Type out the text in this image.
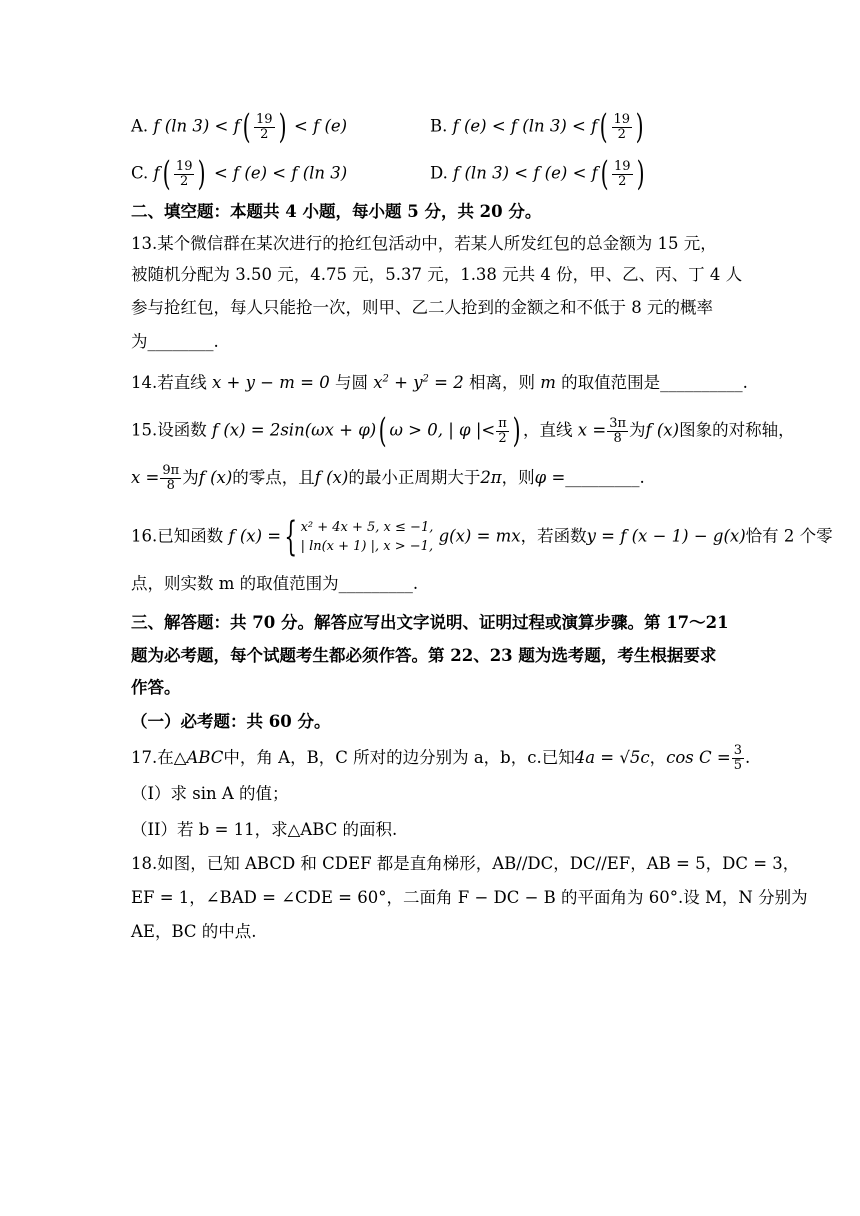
A. f (ln $3) < f( \frac{19}{2}$ ) < f (e)	B. f (e) < f (ln $3) < f( \frac{19}{2}$ )
C. $f( \frac{19}{2}$ ) < f (e) < f (ln 3)	D. f (ln 3) < f $(e) < f( \frac{19}{2}$ )
二、填空题：本题共 4 小题，每小题 5 分，共 20 分。
13.某个微信群在某次进行的抢红包活动中，若某人所发红包的总金额为 15 元，
被随机分配为 3.50 元，4.75 元，5.37 元，1.38 元共 4 份，甲、乙、丙、丁 4 人
参与抢红包，每人只能抢一次，则甲、乙二人抢到的金额之和不低于 8 元的概率
为________.
14.若直线 x + y − m = 0 与圆 $x^2 + y^2 = 2$ 相离，则 m 的取值范围是__________.
15.设函数 f (x) = 2sin(ωx + φ)( ω > 0, | φ |< $\frac{\pi}{2}$ ) ，直线 $x = \frac{3\pi}{8}$ 为f (x)图象的对称轴，
$x = \frac{9\pi}{8}$ 为f (x)的零点，且f (x)的最小正周期大于2π，则φ =_________.
16.已知函数 f (x) ={ x² + 4x + 5, x ≤ −1,
| ln(x + 1) |, x > −1,
g(x) = mx，若函数y = f (x − 1) − g(x)恰有 2 个零
点，则实数 m 的取值范围为_________.
三、解答题：共 70 分。解答应写出文字说明、证明过程或演算步骤。第 17～21
题为必考题，每个试题考生都必须作答。第 22、23 题为选考题，考生根据要求
作答。
（一）必考题：共 60 分。
17.在△ABC中，角 A，B，C 所对的边分别为 a，b，c.已知4a = √5c，$\cos C = \frac{3}{5}$ .
（I）求 sin A 的值；
（II）若 b = 11，求△ABC 的面积.
18.如图，已知 ABCD 和 CDEF 都是直角梯形，AB//DC，DC//EF，AB = 5，DC = 3，
EF = 1，∠BAD = ∠CDE = 60°，二面角 F − DC − B 的平面角为 60°.设 M，N 分别为
AE，BC 的中点.
